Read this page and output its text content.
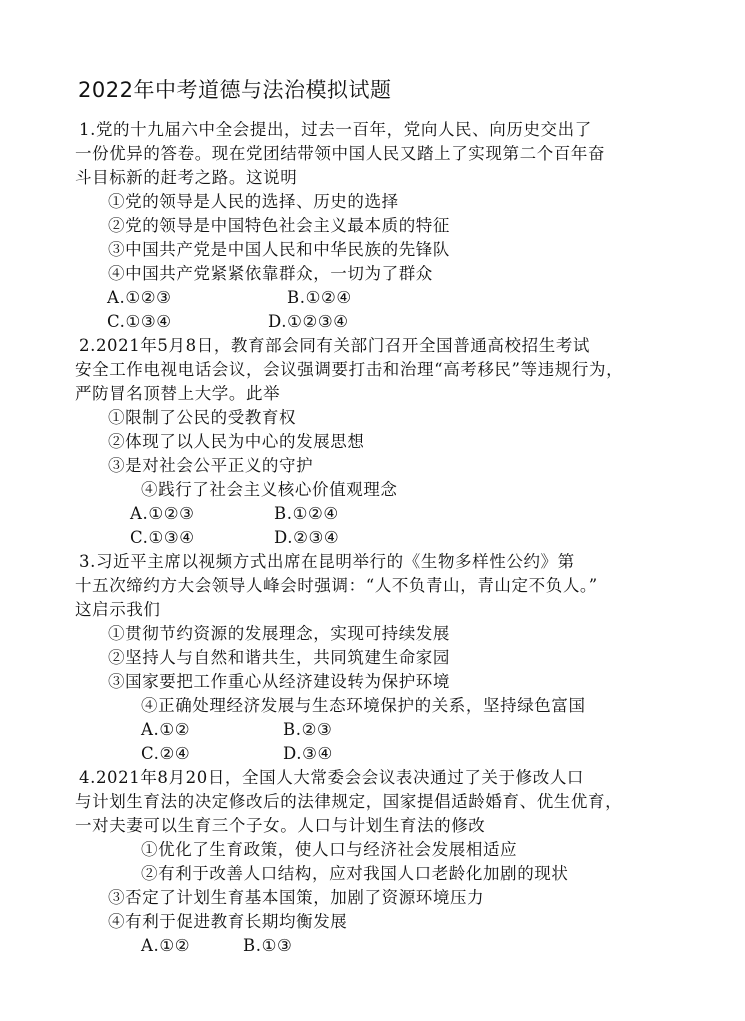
2022年中考道德与法治模拟试题
1.党的十九届六中全会提出，过去一百年，党向人民、向历史交出了
一份优异的答卷。现在党团结带领中国人民又踏上了实现第二个百年奋
斗目标新的赶考之路。这说明
①党的领导是人民的选择、历史的选择
②党的领导是中国特色社会主义最本质的特征
③中国共产党是中国人民和中华民族的先锋队
④中国共产党紧紧依靠群众，一切为了群众
A.①②③	B.①②④
C.①③④	D.①②③④
2.2021年5月8日，教育部会同有关部门召开全国普通高校招生考试
安全工作电视电话会议，会议强调要打击和治理“高考移民”等违规行为，
严防冒名顶替上大学。此举
①限制了公民的受教育权
②体现了以人民为中心的发展思想
③是对社会公平正义的守护
④践行了社会主义核心价值观理念
A.①②③	B.①②④
C.①③④	D.②③④
3.习近平主席以视频方式出席在昆明举行的《生物多样性公约》第
十五次缔约方大会领导人峰会时强调：“人不负青山，青山定不负人。”
这启示我们
①贯彻节约资源的发展理念，实现可持续发展
②坚持人与自然和谐共生，共同筑建生命家园
③国家要把工作重心从经济建设转为保护环境
④正确处理经济发展与生态环境保护的关系，坚持绿色富国
A.①②	B.②③
C.②④	D.③④
4.2021年8月20日，全国人大常委会会议表决通过了关于修改人口
与计划生育法的决定修改后的法律规定，国家提倡适龄婚育、优生优育，
一对夫妻可以生育三个子女。人口与计划生育法的修改
①优化了生育政策，使人口与经济社会发展相适应
②有利于改善人口结构，应对我国人口老龄化加剧的现状
③否定了计划生育基本国策，加剧了资源环境压力
④有利于促进教育长期均衡发展
A.①②	B.①③
